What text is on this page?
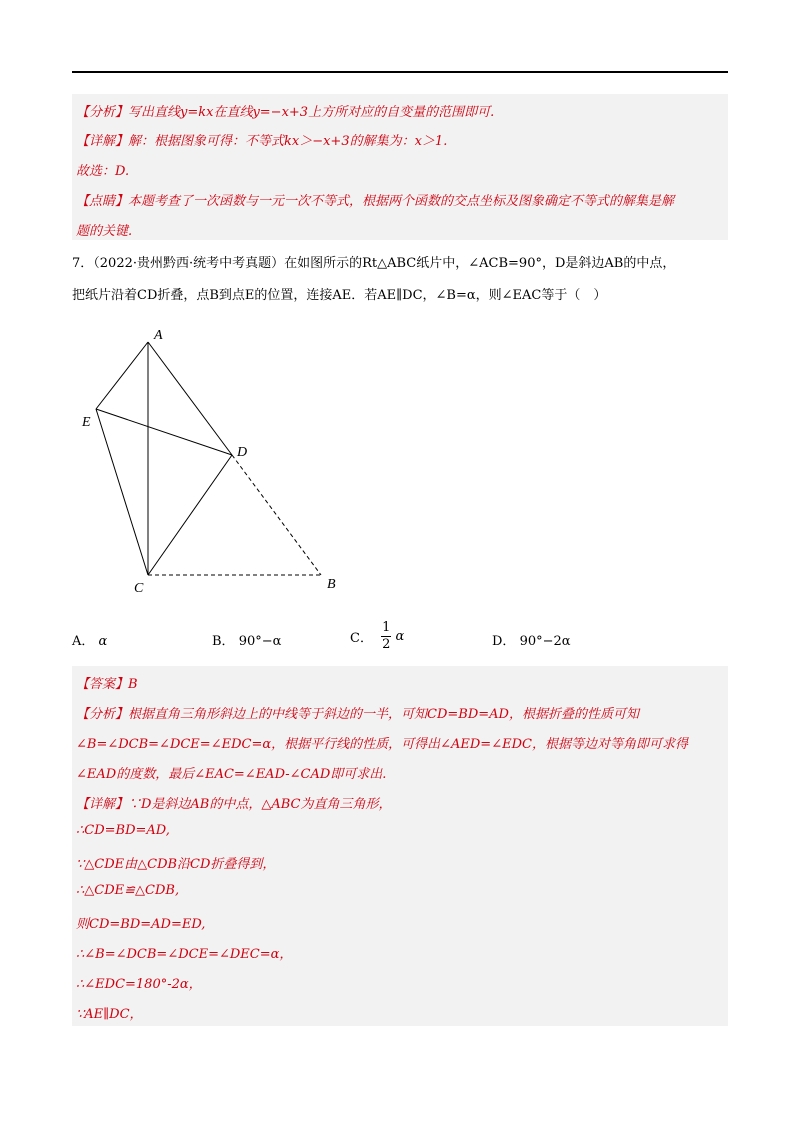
【分析】写出直线y=kx在直线y=−x+3上方所对应的自变量的范围即可.
【详解】解：根据图象可得：不等式kx＞−x+3的解集为：x＞1.
故选：D.
【点睛】本题考查了一次函数与一元一次不等式，根据两个函数的交点坐标及图象确定不等式的解集是解
题的关键.
7．（2022·贵州黔西·统考中考真题）在如图所示的Rt△ABC纸片中，∠ACB=90°，D是斜边AB的中点，
把纸片沿着CD折叠，点B到点E的位置，连接AE．若AE∥DC，∠B=α，则∠EAC等于（　）
A
E
D
C	B
A． α	B． 90°−α	C． $\frac{1}{2}$ α	D． 90°−2α
【答案】B
【分析】根据直角三角形斜边上的中线等于斜边的一半，可知CD=BD=AD，根据折叠的性质可知
∠B=∠DCB=∠DCE=∠EDC=α，根据平行线的性质，可得出∠AED=∠EDC，根据等边对等角即可求得
∠EAD的度数，最后∠EAC=∠EAD-∠CAD即可求出.
【详解】∵D是斜边AB的中点，△ABC为直角三角形，
∴CD=BD=AD,
∵△CDE由△CDB沿CD折叠得到，
∴△CDE≌△CDB,
则CD=BD=AD=ED,
∴∠B=∠DCB=∠DCE=∠DEC=α，
∴∠EDC=180°-2α，
∵AE∥DC，
